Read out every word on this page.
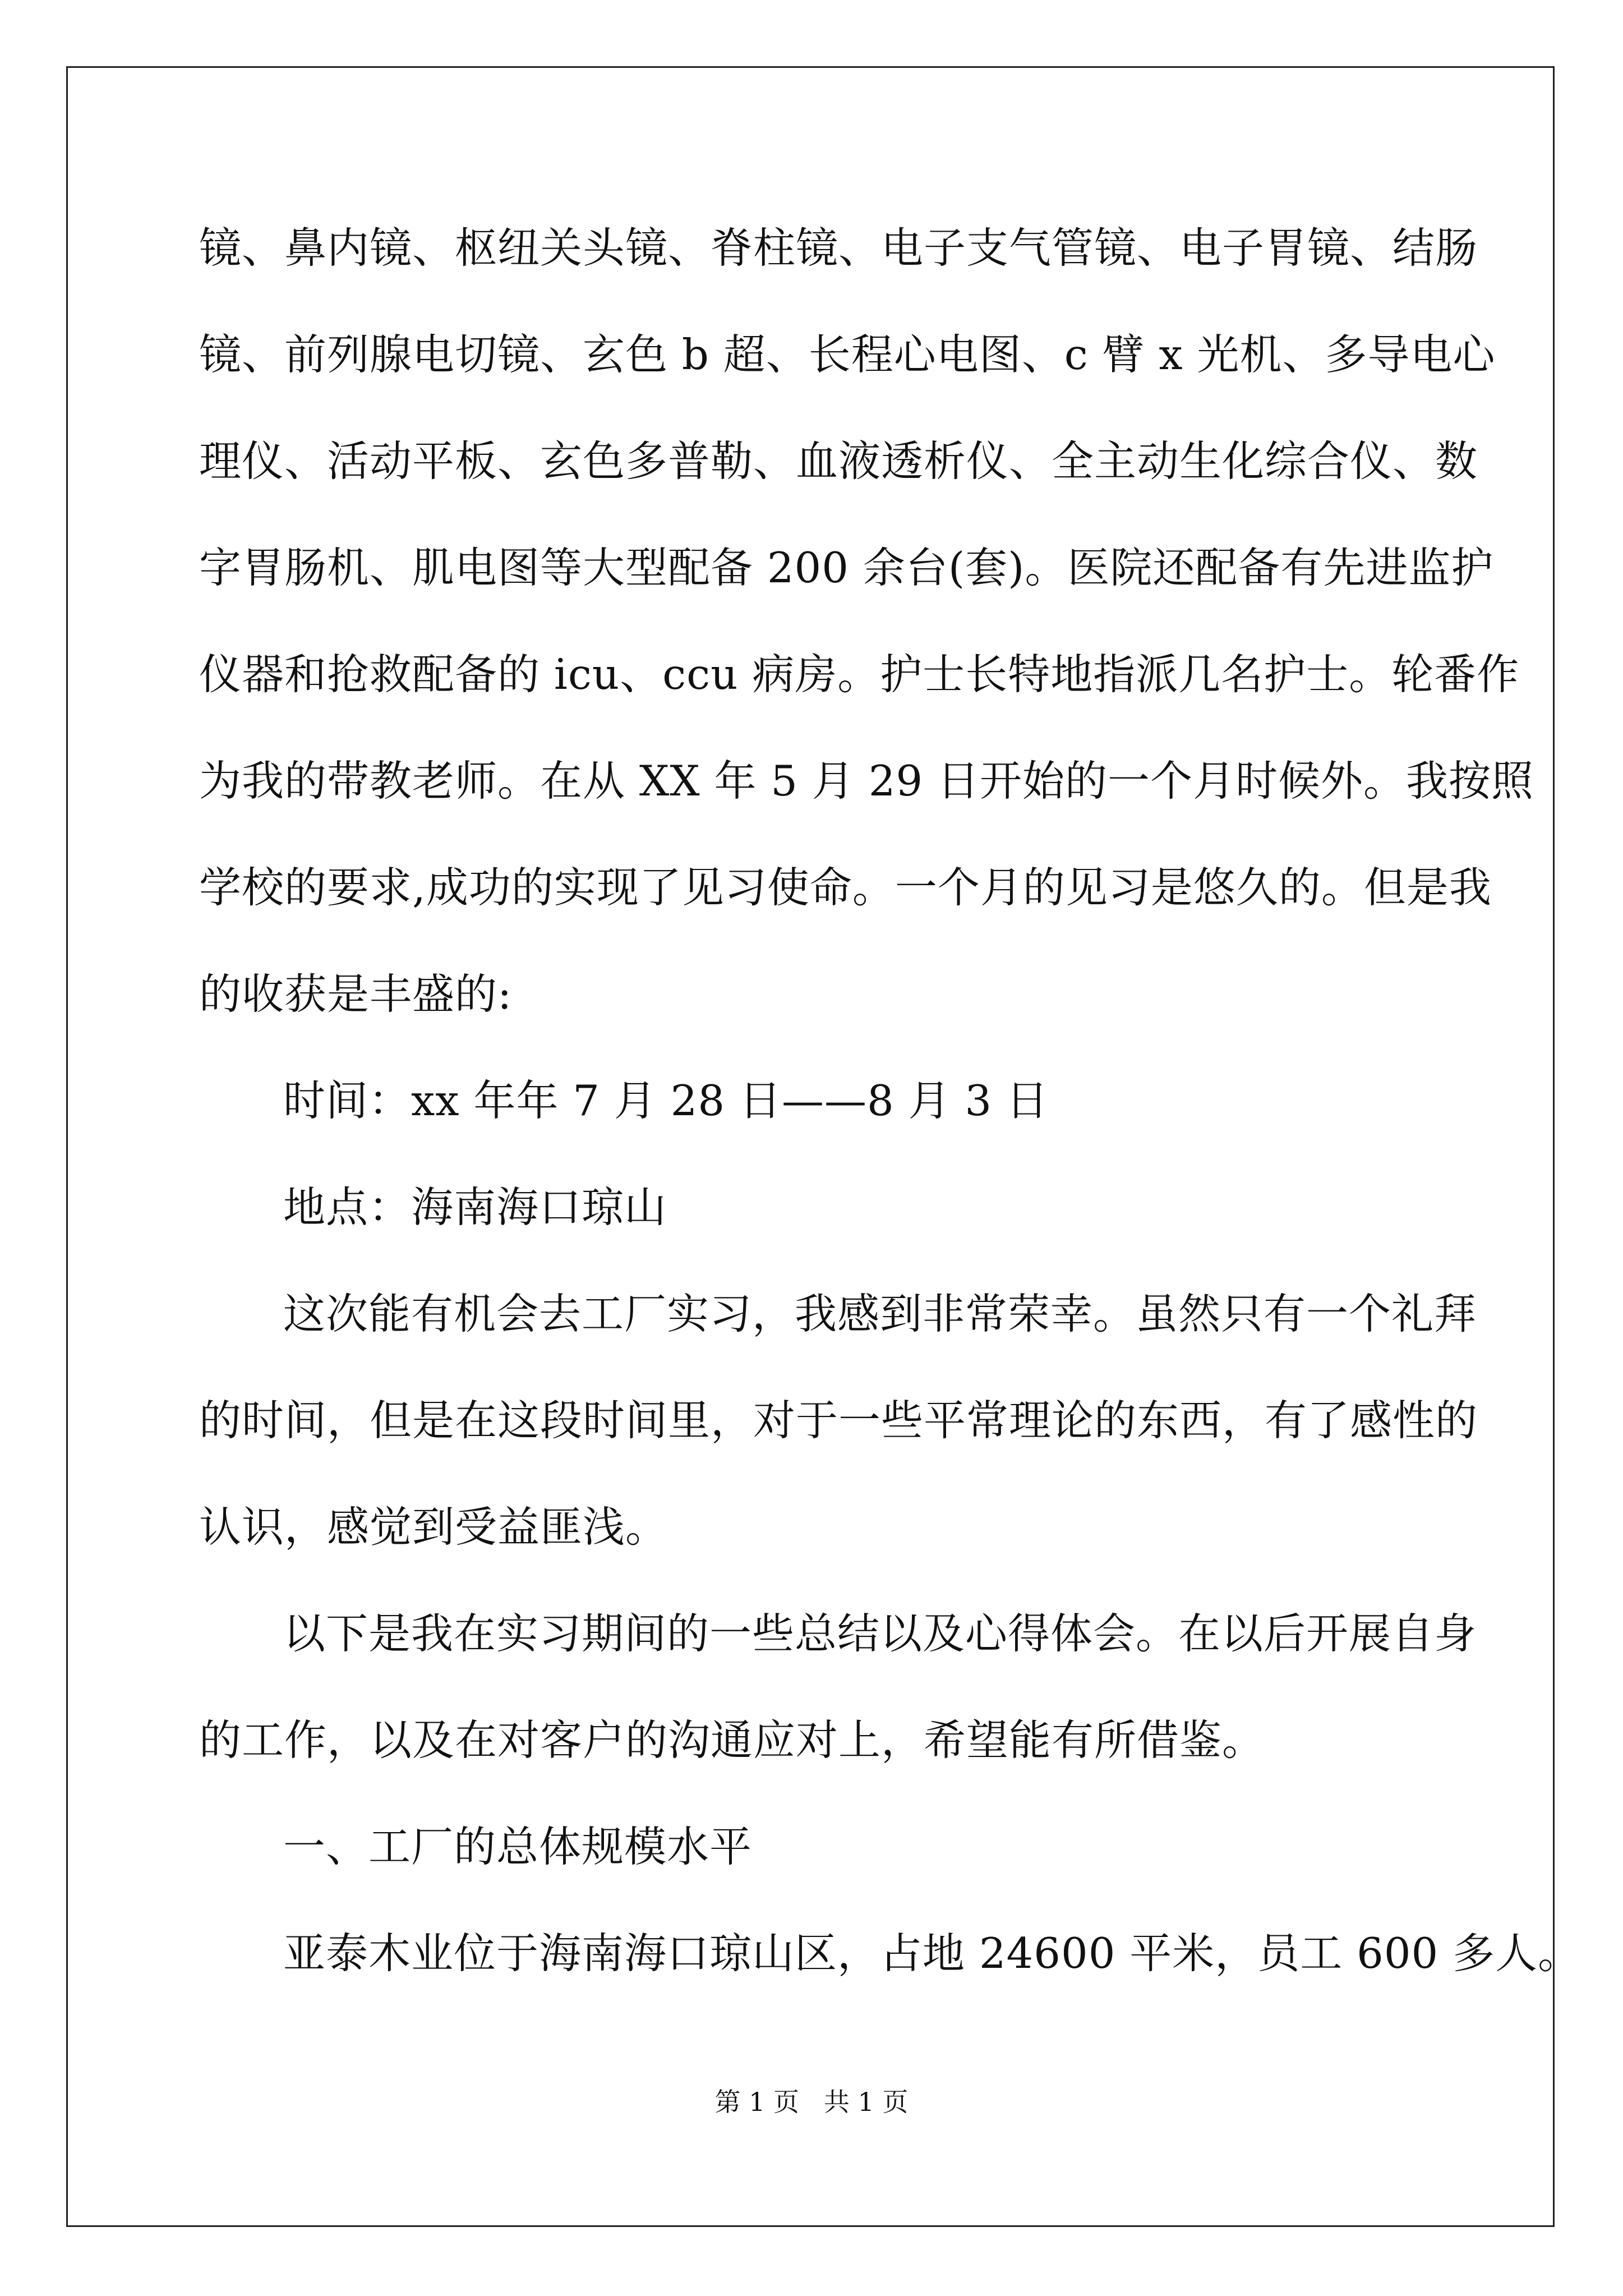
镜、鼻内镜、枢纽关头镜、脊柱镜、电子支气管镜、电子胃镜、结肠
镜、前列腺电切镜、玄色 b 超、长程心电图、c 臂 x 光机、多导电心
理仪、活动平板、玄色多普勒、血液透析仪、全主动生化综合仪、数
字胃肠机、肌电图等大型配备 200 余台(套)。医院还配备有先进监护
仪器和抢救配备的 icu、ccu 病房。护士长特地指派几名护士。轮番作
为我的带教老师。在从 XX 年 5 月 29 日开始的一个月时候外。我按照
学校的要求,成功的实现了见习使命。一个月的见习是悠久的。但是我
的收获是丰盛的:
时间：xx 年年 7 月 28 日——8 月 3 日
地点：海南海口琼山
这次能有机会去工厂实习，我感到非常荣幸。虽然只有一个礼拜
的时间，但是在这段时间里，对于一些平常理论的东西，有了感性的
认识，感觉到受益匪浅。
以下是我在实习期间的一些总结以及心得体会。在以后开展自身
的工作，以及在对客户的沟通应对上，希望能有所借鉴。
一、工厂的总体规模水平
亚泰木业位于海南海口琼山区，占地 24600 平米，员工 600 多人。
第 1 页   共 1 页
